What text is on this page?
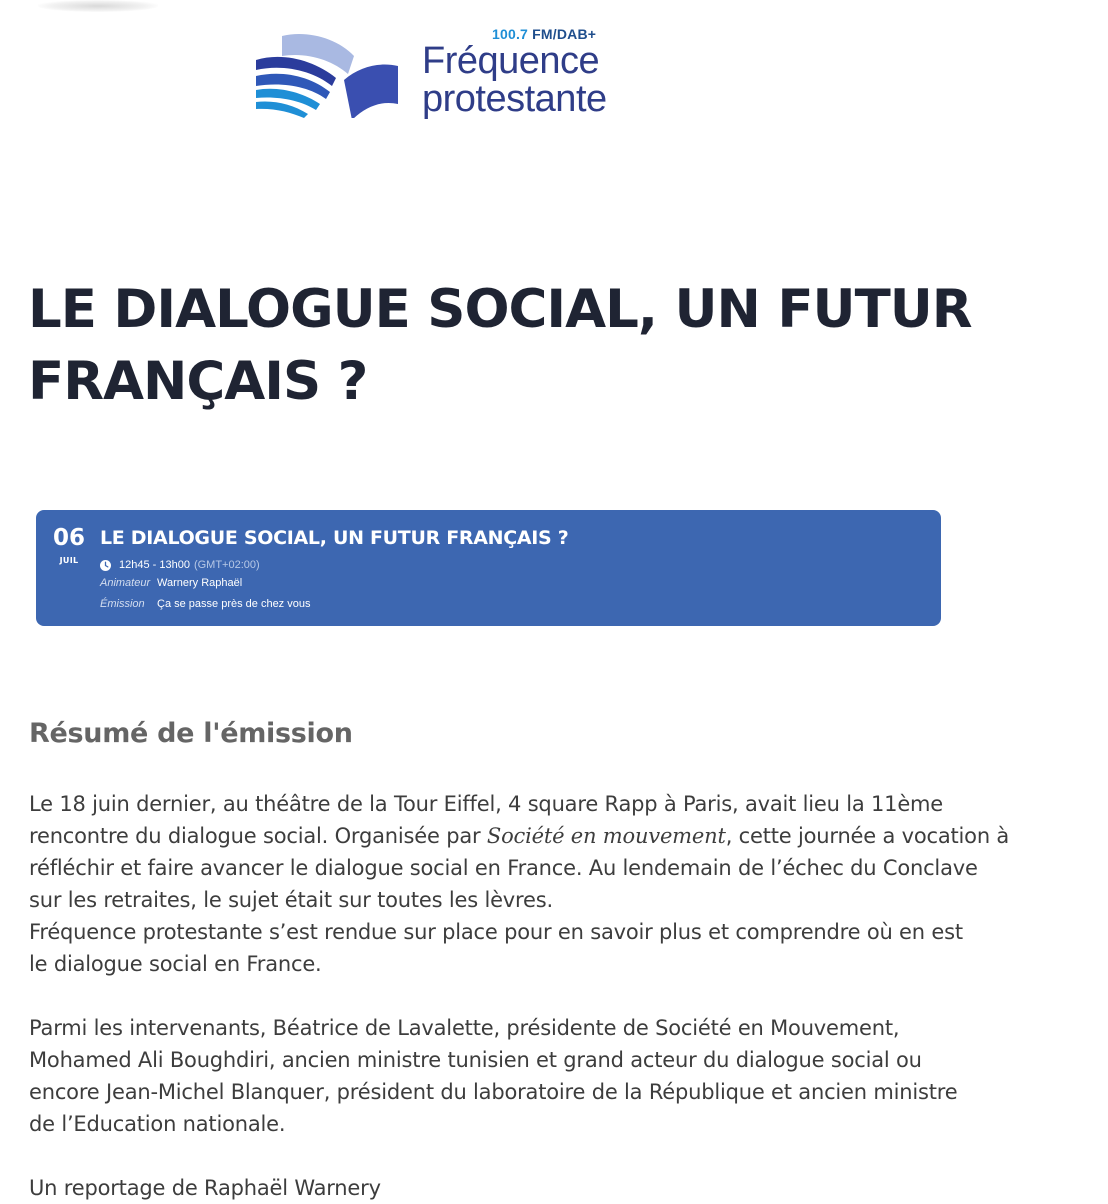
100.7 FM/DAB+
Fréquence
protestante
LE DIALOGUE SOCIAL, UN FUTUR
FRANÇAIS ?
06
JUIL
LE DIALOGUE SOCIAL, UN FUTUR FRANÇAIS ?
12h45 - 13h00 (GMT+02:00)
Animateur Warnery Raphaël
Émission Ça se passe près de chez vous
Résumé de l'émission
Le 18 juin dernier, au théâtre de la Tour Eiffel, 4 square Rapp à Paris, avait lieu la 11ème
rencontre du dialogue social. Organisée par Société en mouvement, cette journée a vocation à
réfléchir et faire avancer le dialogue social en France. Au lendemain de l’échec du Conclave
sur les retraites, le sujet était sur toutes les lèvres.
Fréquence protestante s’est rendue sur place pour en savoir plus et comprendre où en est
le dialogue social en France.
Parmi les intervenants, Béatrice de Lavalette, présidente de Société en Mouvement,
Mohamed Ali Boughdiri, ancien ministre tunisien et grand acteur du dialogue social ou
encore Jean-Michel Blanquer, président du laboratoire de la République et ancien ministre
de l’Education nationale.
Un reportage de Raphaël Warnery
